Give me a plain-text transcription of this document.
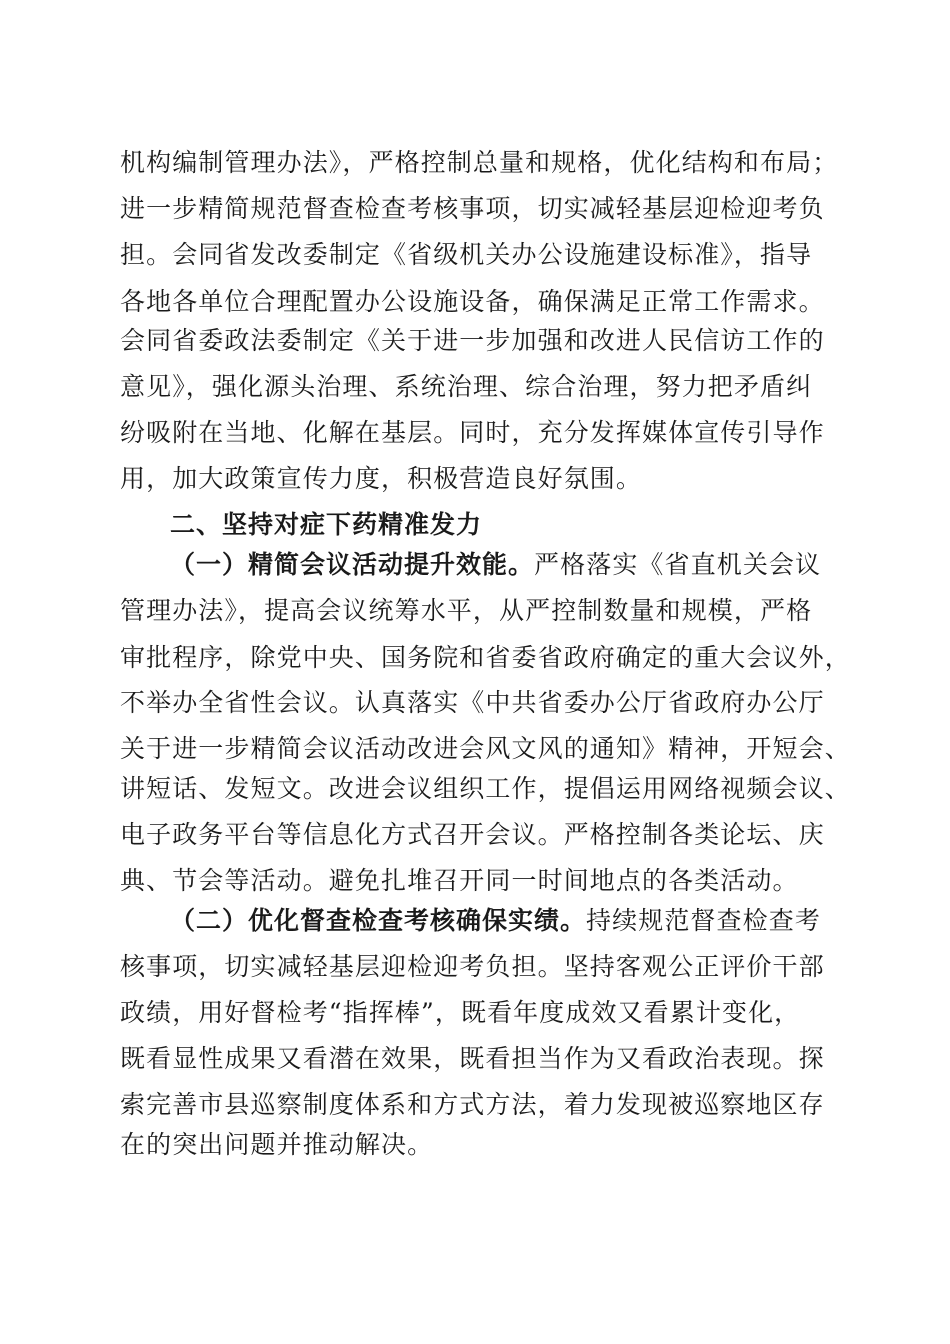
机构编制管理办法》，严格控制总量和规格，优化结构和布局；
进一步精简规范督查检查考核事项，切实减轻基层迎检迎考负
担。会同省发改委制定《省级机关办公设施建设标准》，指导
各地各单位合理配置办公设施设备，确保满足正常工作需求。
会同省委政法委制定《关于进一步加强和改进人民信访工作的
意见》，强化源头治理、系统治理、综合治理，努力把矛盾纠
纷吸附在当地、化解在基层。同时，充分发挥媒体宣传引导作
用，加大政策宣传力度，积极营造良好氛围。
二、坚持对症下药精准发力
（一）精简会议活动提升效能。严格落实《省直机关会议
管理办法》，提高会议统筹水平，从严控制数量和规模，严格
审批程序，除党中央、国务院和省委省政府确定的重大会议外，
不举办全省性会议。认真落实《中共省委办公厅省政府办公厅
关于进一步精简会议活动改进会风文风的通知》精神，开短会、
讲短话、发短文。改进会议组织工作，提倡运用网络视频会议、
电子政务平台等信息化方式召开会议。严格控制各类论坛、庆
典、节会等活动。避免扎堆召开同一时间地点的各类活动。
（二）优化督查检查考核确保实绩。持续规范督查检查考
核事项，切实减轻基层迎检迎考负担。坚持客观公正评价干部
政绩，用好督检考“指挥棒”，既看年度成效又看累计变化，
既看显性成果又看潜在效果，既看担当作为又看政治表现。探
索完善市县巡察制度体系和方式方法，着力发现被巡察地区存
在的突出问题并推动解决。
